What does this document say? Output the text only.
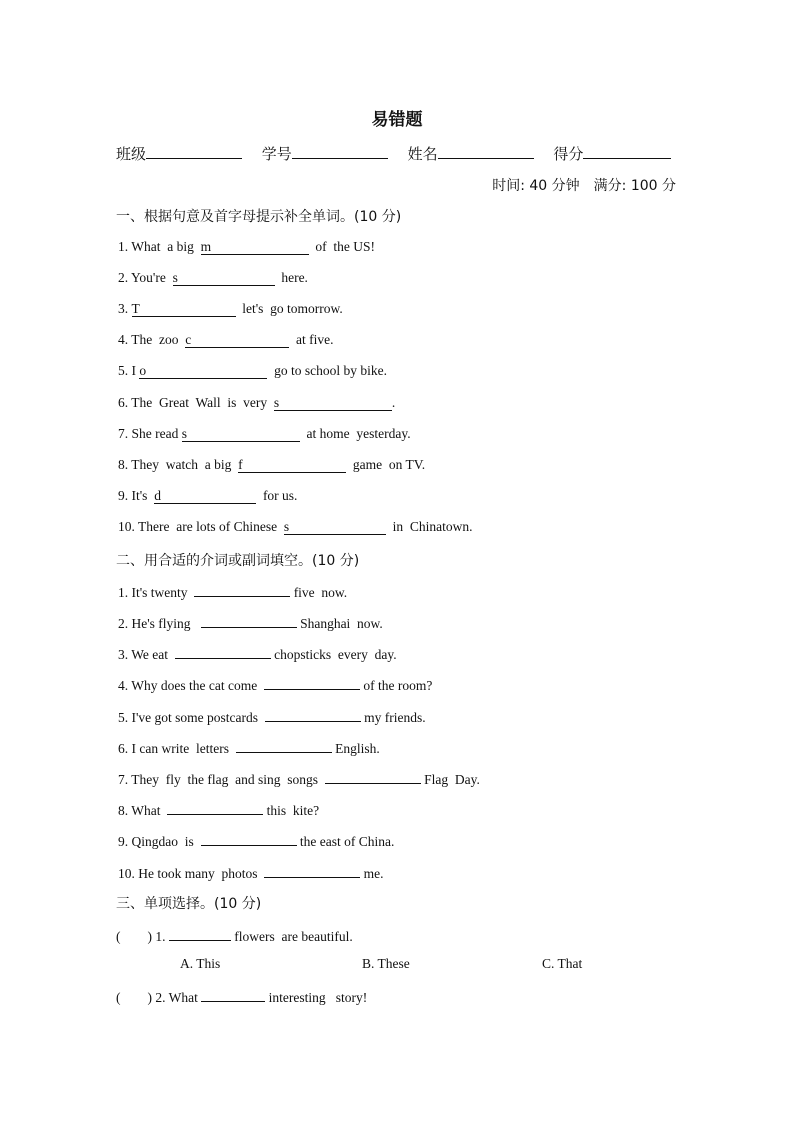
易错题
班级	学号	姓名	得分
时间: 40 分钟 满分: 100 分
一、根据句意及首字母提示补全单词。(10 分)
1. What  a big  m	of  the US!
2. You're  s	here.
3. T	let's  go tomorrow.
4. The  zoo  c	at five.
5. I o	go to school by bike.
6. The  Great  Wall  is  very  s	.
7. She read s	at home  yesterday.
8. They  watch  a big  f	game  on TV.
9. It's  d	for us.
10. There  are lots of Chinese  s	in  Chinatown.
二、用合适的介词或副词填空。(10 分)
1. It's twenty	five  now.
2. He's flying	Shanghai  now.
3. We eat	chopsticks  every  day.
4. Why does the cat come	of the room?
5. I've got some postcards	my friends.
6. I can write  letters	English.
7. They  fly  the flag  and sing  songs	Flag  Day.
8. What	this  kite?
9. Qingdao  is	the east of China.
10. He took many  photos	me.
三、单项选择。(10 分)
(        ) 1.	flowers  are beautiful.
A. This	B. These	C. That
(        ) 2. What	interesting   story!
